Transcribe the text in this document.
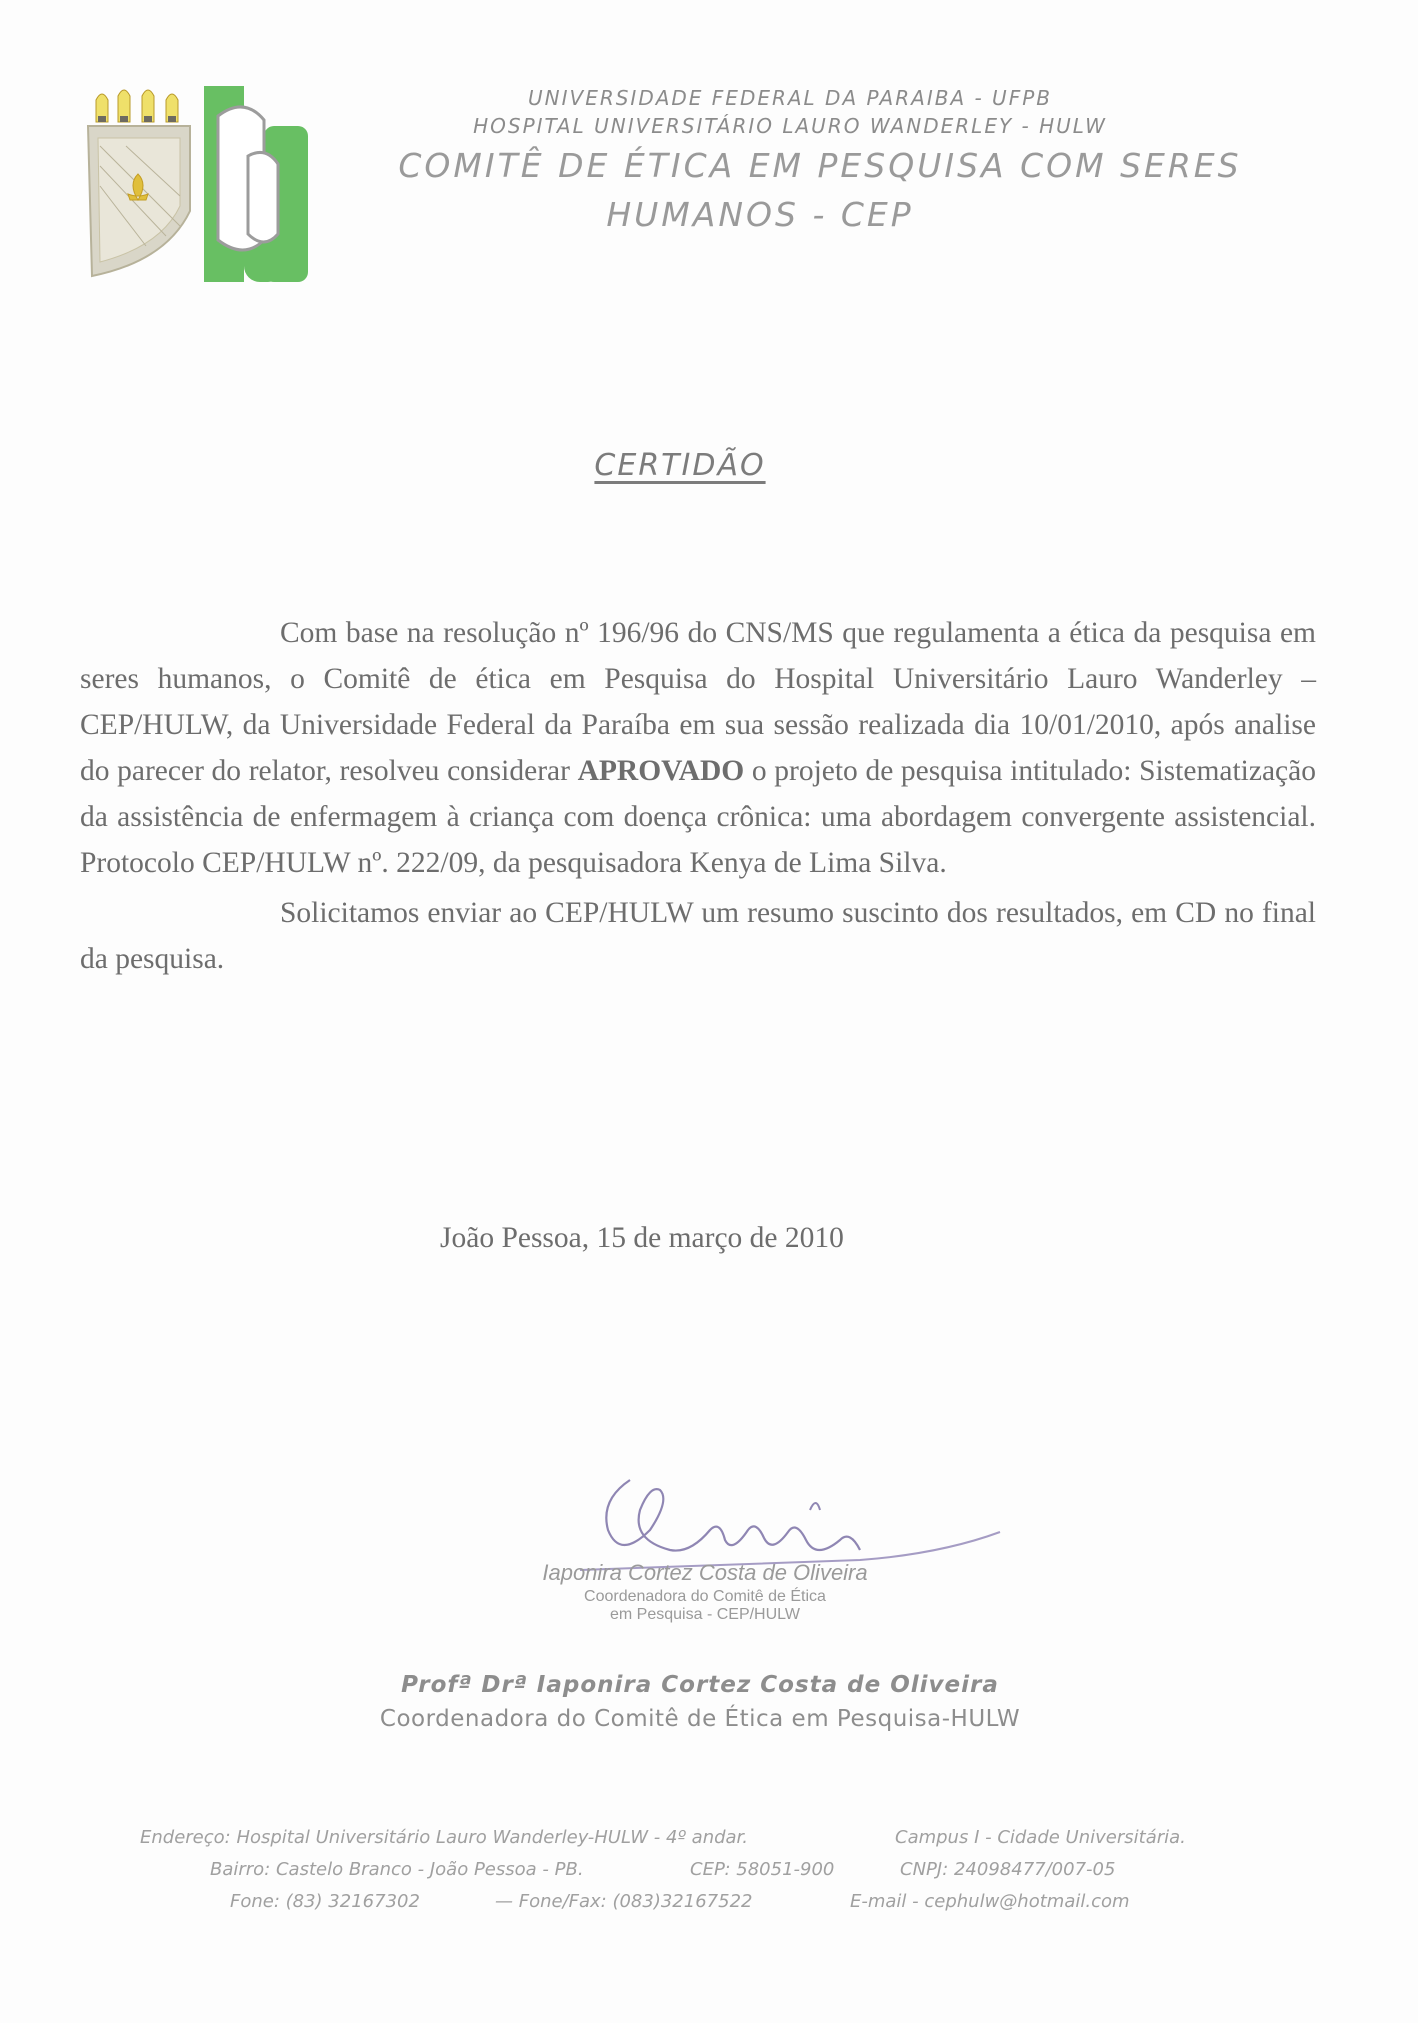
UNIVERSIDADE FEDERAL DA PARAIBA - UFPB
HOSPITAL UNIVERSITÁRIO LAURO WANDERLEY - HULW
COMITÊ DE ÉTICA EM PESQUISA COM SERES
HUMANOS - CEP
CERTIDÃO

Com base na resolução nº 196/96 do CNS/MS que regulamenta a ética da pesquisa em seres humanos, o Comitê de ética em Pesquisa do Hospital Universitário Lauro Wanderley – CEP/HULW, da Universidade Federal da Paraíba em sua sessão realizada dia 10/01/2010, após analise do parecer do relator, resolveu considerar APROVADO o projeto de pesquisa intitulado: Sistematização da assistência de enfermagem à criança com doença crônica: uma abordagem convergente assistencial. Protocolo CEP/HULW nº. 222/09, da pesquisadora Kenya de Lima Silva.

Solicitamos enviar ao CEP/HULW um resumo suscinto dos resultados, em CD no final da pesquisa.

João Pessoa, 15 de março de 2010
Iaponira Cortez Costa de Oliveira
Coordenadora do Comitê de Ética
em Pesquisa - CEP/HULW
Profª Drª Iaponira Cortez Costa de Oliveira
Coordenadora do Comitê de Ética em Pesquisa-HULW
Endereço: Hospital Universitário Lauro Wanderley-HULW - 4º andar.	Campus I - Cidade Universitária.
Bairro: Castelo Branco - João Pessoa - PB.	CEP: 58051-900	CNPJ: 24098477/007-05
Fone: (83) 32167302	— Fone/Fax: (083)32167522	E-mail - cephulw@hotmail.com
